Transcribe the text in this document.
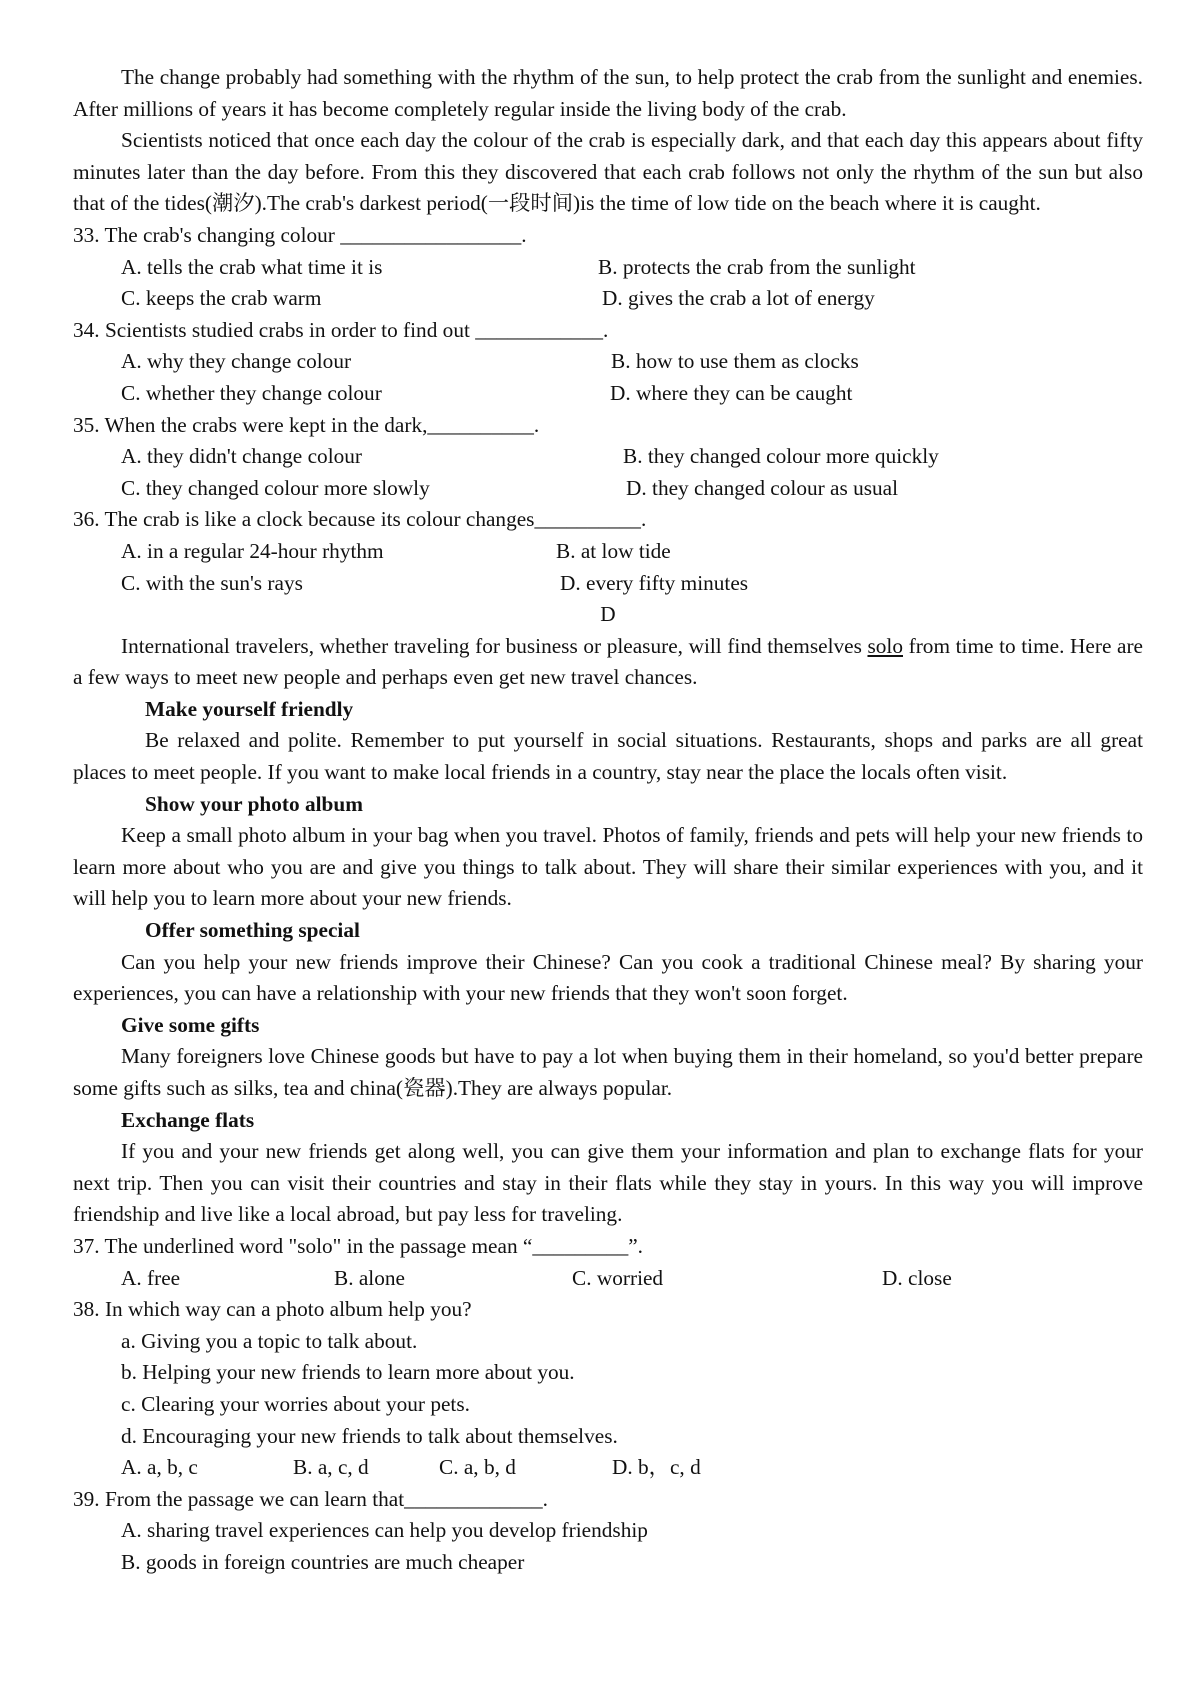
The change probably had something with the rhythm of the sun, to help protect the crab from the sunlight and enemies. After millions of years it has become completely regular inside the living body of the crab.

Scientists noticed that once each day the colour of the crab is especially dark, and that each day this appears about fifty minutes later than the day before. From this they discovered that each crab follows not only the rhythm of the sun but also that of the tides(潮汐).The crab's darkest period(一段时间)is the time of low tide on the beach where it is caught.

33. The crab's changing colour _________________.

A. tells the crab what time it is	B. protects the crab from the sunlight
C. keeps the crab warm	D. gives the crab a lot of energy

34. Scientists studied crabs in order to find out ____________.

A. why they change colour	B. how to use them as clocks
C. whether they change colour	D. where they can be caught

35. When the crabs were kept in the dark,__________.

A. they didn't change colour	B. they changed colour more quickly
C. they changed colour more slowly	D. they changed colour as usual

36. The crab is like a clock because its colour changes__________.

A. in a regular 24-hour rhythm	B. at low tide
C. with the sun's rays	D. every fifty minutes

D

International travelers, whether traveling for business or pleasure, will find themselves solo from time to time. Here are a few ways to meet new people and perhaps even get new travel chances.

Make yourself friendly

Be relaxed and polite. Remember to put yourself in social situations. Restaurants, shops and parks are all great places to meet people. If you want to make local friends in a country, stay near the place the locals often visit.

Show your photo album

Keep a small photo album in your bag when you travel. Photos of family, friends and pets will help your new friends to learn more about who you are and give you things to talk about. They will share their similar experiences with you, and it will help you to learn more about your new friends.

Offer something special

Can you help your new friends improve their Chinese? Can you cook a traditional Chinese meal? By sharing your experiences, you can have a relationship with your new friends that they won't soon forget.

Give some gifts

Many foreigners love Chinese goods but have to pay a lot when buying them in their homeland, so you'd better prepare some gifts such as silks, tea and china(瓷器).They are always popular.

Exchange flats

If you and your new friends get along well, you can give them your information and plan to exchange flats for your next trip. Then you can visit their countries and stay in their flats while they stay in yours. In this way you will improve friendship and live like a local abroad, but pay less for traveling.

37. The underlined word "solo" in the passage mean “_________”.

A. free	B. alone	C. worried	D. close

38. In which way can a photo album help you?

a. Giving you a topic to talk about.

b. Helping your new friends to learn more about you.

c. Clearing your worries about your pets.

d. Encouraging your new friends to talk about themselves.

A. a, b, c	B. a, c, d	C. a, b, d	D. b，c, d

39. From the passage we can learn that_____________.

A. sharing travel experiences can help you develop friendship

B. goods in foreign countries are much cheaper
